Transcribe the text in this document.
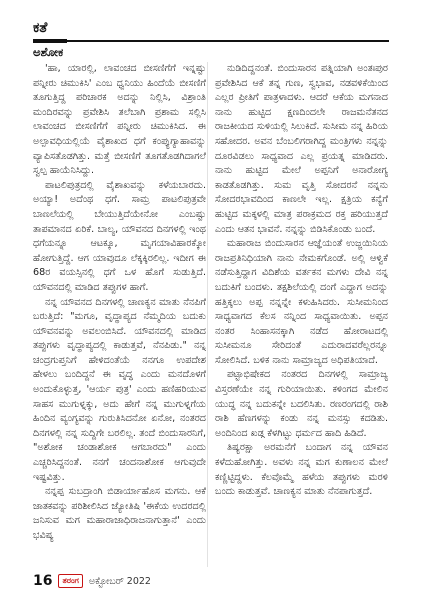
ಕತೆ
ಅಶೋಕ

'ಹಾ, ಯಾರಲ್ಲಿ, ಲಾವಂಚದ ಬೀಸಣಿಗೆಗೆ ಇನ್ನಷ್ಟು ಪನ್ನೀರು ಚಿಮುಕಿಸಿ' ಎಂಬ ಧ್ವನಿಯು ಹಿಂದೆಯೆ ಬೀಸಣಿಗೆ ತೂಗುತ್ತಿದ್ದ ಪರಿಚಾರಕ ಅದನ್ನು ನಿಲ್ಲಿಸಿ, ವಿಶ್ರಾಂತಿ ಮಂದಿರವನ್ನು ಪ್ರವೇಶಿಸಿ ತಲೆಬಾಗಿ ಪ್ರಶಾಮ ಸಲ್ಲಿಸಿ ಲಾವಂಚದ ಬೀಸಣಿಗೆಗೆ ಪನ್ನೀರು ಚಿಮುಕಿಸಿದ. ಈ ಅಲ್ಪಾವಧಿಯಲ್ಲಿಯೆ ವೈಶಾಖದ ಧಗೆ ಕಂಪ್ಯುಗ್ಯಾಹಾವನ್ನು ವ್ಯಾಪಿಸತೊಡಗಿತ್ತು. ಮತ್ತೆ ಬೀಸಣಿಗೆ ತೂಗತೊಡಗಿದಾಗಲೆ ಸ್ವಲ್ಪ ಹಾಯೆನಿಸಿದ್ದು.

ಪಾಟಲಿಪುತ್ರದಲ್ಲಿ ವೈಶಾಖವನ್ನು ಕಳೆಯಬಾರದು. ಅಯ್ಯಾ! ಅದೆಂಥ ಧಗೆ. ಸಾಮ್ರ ಪಾಟಲಿಪುತ್ರವೇ ಬಾಣಲೆಯಲ್ಲಿ ಬೇಯುತ್ತಿದೆಯೇನೋ ಎಂಬಷ್ಟು ತಾಪಮಾನದ ಏರಿಕೆ. ಬಾಲ್ಯ, ಯೌವನದ ದಿನಗಳಲ್ಲಿ ಇಂಥ ಧಗೆಯನ್ನೂ ಆಟಕ್ಕೂ, ಮೃಗಯಾವಿಹಾರಕ್ಕೋ ಹೋಗುತ್ತಿದ್ದೆ. ಆಗ ಯಾವುದೂ ಲೆಕ್ಕಕ್ಕಿರಲಿಲ್ಲ. ಇದೀಗ ಈ 68ರ ವಯಸ್ಸಿನಲ್ಲಿ ಧಗೆ ಒಳ ಹೊಗೆ ಸುಡುತ್ತಿದೆ. ಯೌವನದಲ್ಲಿ ಮಾಡಿದ ತಪ್ಪುಗಳ ಹಾಗೆ.

ನನ್ನ ಯೌವನದ ದಿನಗಳಲ್ಲಿ ಚಾಣಕ್ಯನ ಮಾತು ನೆನಪಿಗೆ ಬರುತ್ತಿದೆ: "ಮಗೂ, ವೃದ್ಧಾಪ್ಯದ ನೆಮ್ಮದಿಯ ಬದುಕು ಯೌವನವನ್ನು ಅವಲಂಬಿಸಿದೆ. ಯೌವನದಲ್ಲಿ ಮಾಡಿದ ತಪ್ಪುಗಳು ವೃದ್ಧಾಪ್ಯದಲ್ಲಿ ಕಾಡುತ್ತವೆ, ನೆನಪಿಡು." ನನ್ನ ಚಂದ್ರಗುಪ್ತನಿಗೆ ಹೇಳಿದಂತೆಯೆ ನನಗೂ ಉಪದೇಶ ಹೇಳಲು ಬಂದಿದ್ದನೆ ಈ ವೃದ್ಧ ಎಂದು ಮನದೊಳಗೆ ಅಂದುಕೊಳ್ಳುತ್ತ, 'ಆರ್ಯ ಪುತ್ರ' ಎಂದು ಹಣಿಹರಿಯುವ ಸಾಹಸ ಮುಗುಳ್ನಕ್ಕು, ಅದು ಹೇಗೆ ನನ್ನ ಮುಗುಳ್ನಗೆಯ ಹಿಂದಿನ ವ್ಯಂಗ್ಯವನ್ನು ಗುರುತಿಸಿದನೋ ಏನೋ, ನಂತರದ ದಿನಗಳಲ್ಲಿ ನನ್ನ ಸುದ್ದಿಗೇ ಬರಲಿಲ್ಲ. ತಂದೆ ಬಿಂದುಸಾರನಿಗೆ, "ಅಶೋಕ ಚಂಡಾಶೋಕ ಆಗಬಾರದು" ಎಂದು ಎಚ್ಚರಿಸಿದ್ದನಂತೆ. ನನಗೆ ಚಂದನಾಶೋಕ ಆಗುವುದೇ ಇಷ್ಟವಿತ್ತು.

ನನ್ನಪ್ಪ ಸುಬದ್ರಾಂಗಿ ಬಿಡಾರ್ಯಾಹೊಸ ಮಗನು. ಆಕೆ ಜಾತಕವನ್ನು ಪರಿಶೀಲಿಸಿದ ಜ್ಯೋತಿಷಿ 'ಈಕೆಯ ಉದರದಲ್ಲಿ ಜನಿಸುವ ಮಗ ಮಹಾರಾಜಾಧಿರಾಜನಾಗುತ್ತಾನೆ' ಎಂದು ಭವಿಷ್ಯ

ನುಡಿದಿದ್ದನಂತೆ. ಬಿಂದುಸಾರನ ಪತ್ನಿಯಾಗಿ ಅಂತಃಪುರ ಪ್ರವೇಶಿಸಿದ ಆಕೆ ತನ್ನ ಗುಣ, ಸ್ವಭಾವ, ನಡವಳಿಕೆಯಿಂದ ಎಲ್ಲರ ಪ್ರೀತಿಗೆ ಪಾತ್ರಳಾದಳು. ಆದರೆ ಆಕೆಯ ಮಗನಾದ ನಾನು ಹುಟ್ಟಿದ ಕ್ಷಣದಿಂದಲೇ ರಾಜಮನೆತನದ ರಾಜಕೀಯದ ಸುಳಿಯಲ್ಲಿ ಸಿಲುಕಿದೆ. ಸುಸೀಮ ನನ್ನ ಹಿರಿಯ ಸಹೋದರ. ಅವನ ಬೆಂಬಲಿಗರಾಗಿದ್ದ ಮಂತ್ರಿಗಳು ನನ್ನನ್ನು ದೂರವಿಡಲು ಸಾಧ್ಯವಾದ ಎಲ್ಲ ಪ್ರಯತ್ನ ಮಾಡಿದರು. ನಾನು ಹುಟ್ಟಿದ ಮೇಲೆ ಅಪ್ಪನಿಗೆ ಅನಾರೋಗ್ಯ ಕಾಡತೊಡಗಿತ್ತು. ಸುಮ ವೃತ್ತಿ ಸೋದರನೆ ನನ್ನನು ಸೋದರಭಾವದಿಂದ ಕಾಣಲೇ ಇಲ್ಲ. ಕ್ಷತ್ರಿಯ ಕನ್ಯೆಗೆ ಹುಟ್ಟಿದ ಮಕ್ಕಳಲ್ಲಿ ಮಾತ್ರ ಪರಾಕ್ರಮದ ರಕ್ತ ಹರಿಯುತ್ತದೆ ಎಂದು ಆತನ ಭಾವನೆ. ನನ್ನನ್ನು ಬಿಡಿಸಿಕೊಂಡು ಬಂದೆ.

ಮಹಾರಾಜ ಬಿಂದುಸಾರನ ಆಜ್ಞೆಯಂತೆ ಉಜ್ಜಯಿನಿಯ ರಾಜಪ್ರತಿನಿಧಿಯಾಗಿ ನಾನು ನೇಮಕಗೊಂಡೆ. ಅಲ್ಲಿ ಆಳ್ವಿಕೆ ನಡೆಸುತ್ತಿದ್ದಾಗ ವಿದಿಶೆಯ ವರ್ತಕನ ಮಗಳು ದೇವಿ ನನ್ನ ಬದುಕಿಗೆ ಬಂದಳು. ತಕ್ಷಶಿಲೆಯಲ್ಲಿ ದಂಗೆ ಎದ್ದಾಗ ಅದನ್ನು ಹತ್ತಿಕ್ಕಲು ಅಪ್ಪ ನನ್ನನ್ನೇ ಕಳುಹಿಸಿದರು. ಸುಸೀಮನಿಂದ ಸಾಧ್ಯವಾಗದ ಕೆಲಸ ನನ್ನಿಂದ ಸಾಧ್ಯವಾಯಿತು. ಅಪ್ಪನ ನಂತರ ಸಿಂಹಾಸನಕ್ಕಾಗಿ ನಡೆದ ಹೋರಾಟದಲ್ಲಿ ಸುಸೀಮನೂ ಸೇರಿದಂತೆ ಎದುರಾದವರೆಲ್ಲರನ್ನೂ ಸೋಲಿಸಿದೆ. ಬಳಿಕ ನಾನು ಸಾಮ್ರಾಜ್ಯದ ಅಧಿಪತಿಯಾದೆ.

ಪಟ್ಟಾಭಿಷೇಕದ ನಂತರದ ದಿನಗಳಲ್ಲಿ ಸಾಮ್ರಾಜ್ಯ ವಿಸ್ತರಣೆಯೇ ನನ್ನ ಗುರಿಯಾಯಿತು. ಕಳಿಂಗದ ಮೇಲಿನ ಯುದ್ಧ ನನ್ನ ಬದುಕನ್ನೇ ಬದಲಿಸಿತು. ರಣರಂಗದಲ್ಲಿ ರಾಶಿ ರಾಶಿ ಹೆಣಗಳನ್ನು ಕಂಡು ನನ್ನ ಮನಸ್ಸು ಕದಡಿತು. ಅಂದಿನಿಂದ ಖಡ್ಗ ಕೆಳಗಿಟ್ಟು ಧರ್ಮದ ಹಾದಿ ಹಿಡಿದೆ.

ತಿಷ್ಯರಕ್ಷಾ ಅರಮನೆಗೆ ಬಂದಾಗ ನನ್ನ ಯೌವನ ಕಳೆದುಹೋಗಿತ್ತು. ಅವಳು ನನ್ನ ಮಗ ಕುಣಾಲನ ಮೇಲೆ ಕಣ್ಣಿಟ್ಟಿದ್ದಳು. ಕೆಲವೊಮ್ಮೆ ಹಳೆಯ ತಪ್ಪುಗಳು ಮರಳಿ ಬಂದು ಕಾಡುತ್ತವೆ. ಚಾಣಕ್ಯನ ಮಾತು ನೆನಪಾಗುತ್ತದೆ.

16	ತರಂಗ	ಅಕ್ಟೋಬರ್ 2022
